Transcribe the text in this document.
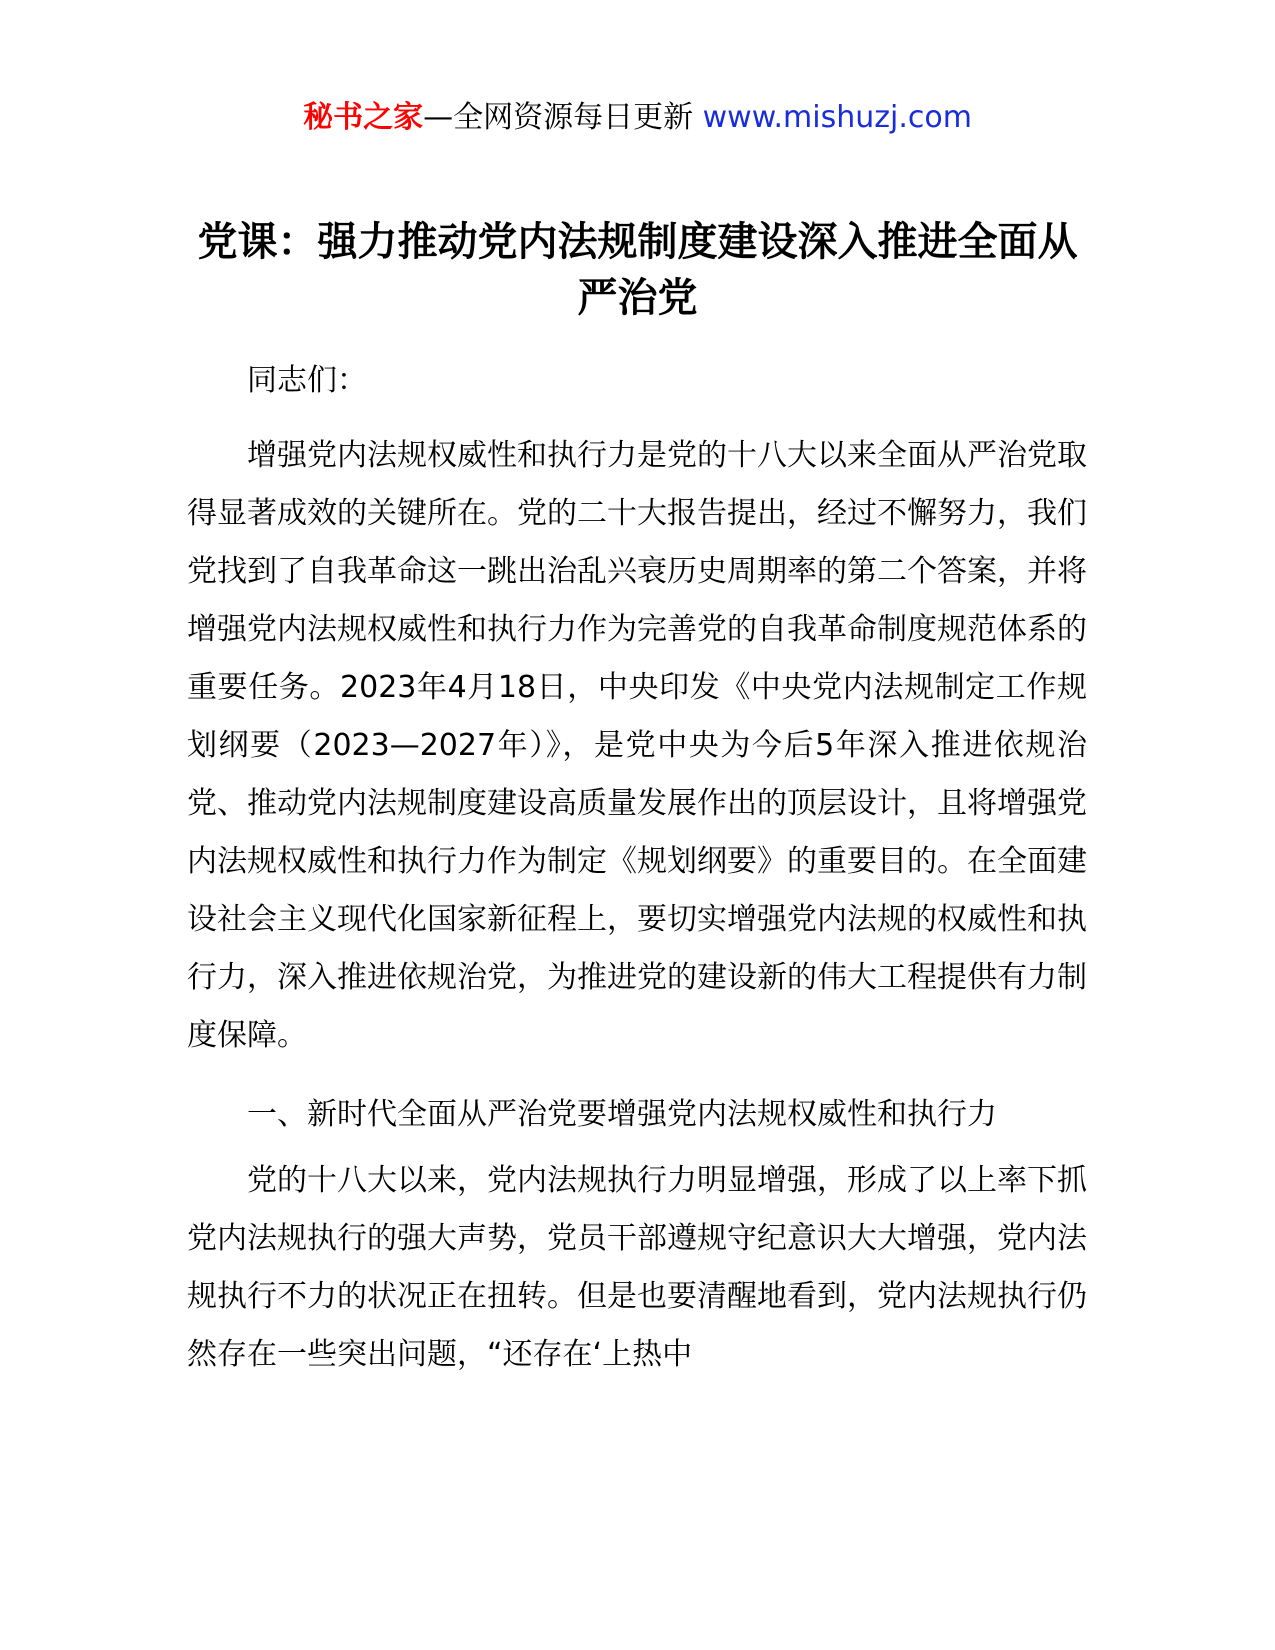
秘书之家—全网资源每日更新 www.mishuzj.com
党课：强力推动党内法规制度建设深入推进全面从严治党

同志们：

增强党内法规权威性和执行力是党的十八大以来全面从严治党取得显著成效的关键所在。党的二十大报告提出，经过不懈努力，我们党找到了自我革命这一跳出治乱兴衰历史周期率的第二个答案，并将增强党内法规权威性和执行力作为完善党的自我革命制度规范体系的重要任务。2023年4月18日，中央印发《中央党内法规制定工作规划纲要（2023—2027年）》，是党中央为今后5年深入推进依规治党、推动党内法规制度建设高质量发展作出的顶层设计，且将增强党内法规权威性和执行力作为制定《规划纲要》的重要目的。在全面建设社会主义现代化国家新征程上，要切实增强党内法规的权威性和执行力，深入推进依规治党，为推进党的建设新的伟大工程提供有力制度保障。

一、新时代全面从严治党要增强党内法规权威性和执行力

党的十八大以来，党内法规执行力明显增强，形成了以上率下抓党内法规执行的强大声势，党员干部遵规守纪意识大大增强，党内法规执行不力的状况正在扭转。但是也要清醒地看到，党内法规执行仍然存在一些突出问题，“还存在‘上热中
